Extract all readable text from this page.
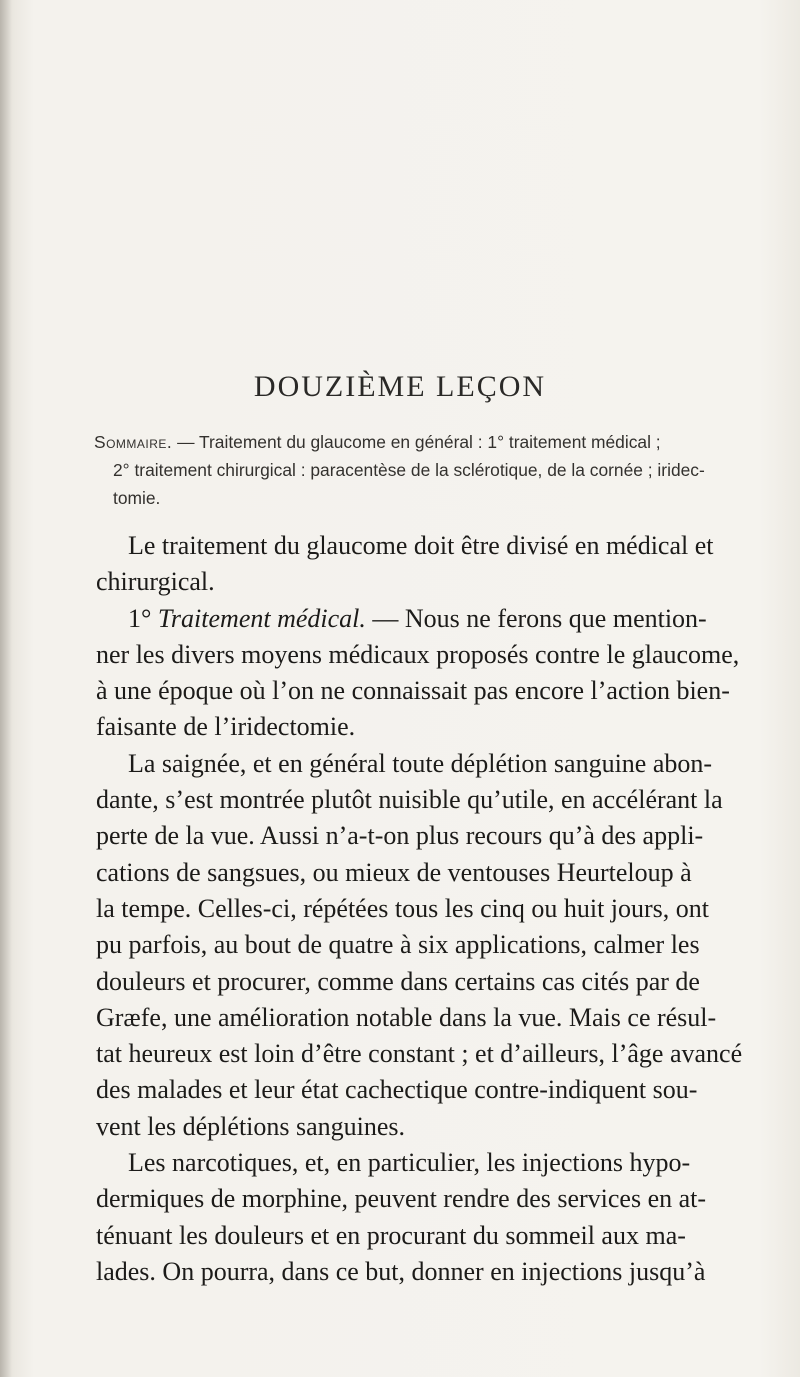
DOUZIÈME LEÇON
Sommaire. — Traitement du glaucome en général : 1° traitement médical ;
2° traitement chirurgical : paracentèse de la sclérotique, de la cornée ; iridec-
tomie.
Le traitement du glaucome doit être divisé en médical et
chirurgical.
1° Traitement médical. — Nous ne ferons que mention-
ner les divers moyens médicaux proposés contre le glaucome,
à une époque où l’on ne connaissait pas encore l’action bien-
faisante de l’iridectomie.
La saignée, et en général toute déplétion sanguine abon-
dante, s’est montrée plutôt nuisible qu’utile, en accélérant la
perte de la vue. Aussi n’a-t-on plus recours qu’à des appli-
cations de sangsues, ou mieux de ventouses Heurteloup à
la tempe. Celles-ci, répétées tous les cinq ou huit jours, ont
pu parfois, au bout de quatre à six applications, calmer les
douleurs et procurer, comme dans certains cas cités par de
Græfe, une amélioration notable dans la vue. Mais ce résul-
tat heureux est loin d’être constant ; et d’ailleurs, l’âge avancé
des malades et leur état cachectique contre-indiquent sou-
vent les déplétions sanguines.
Les narcotiques, et, en particulier, les injections hypo-
dermiques de morphine, peuvent rendre des services en at-
ténuant les douleurs et en procurant du sommeil aux ma-
lades. On pourra, dans ce but, donner en injections jusqu’à
